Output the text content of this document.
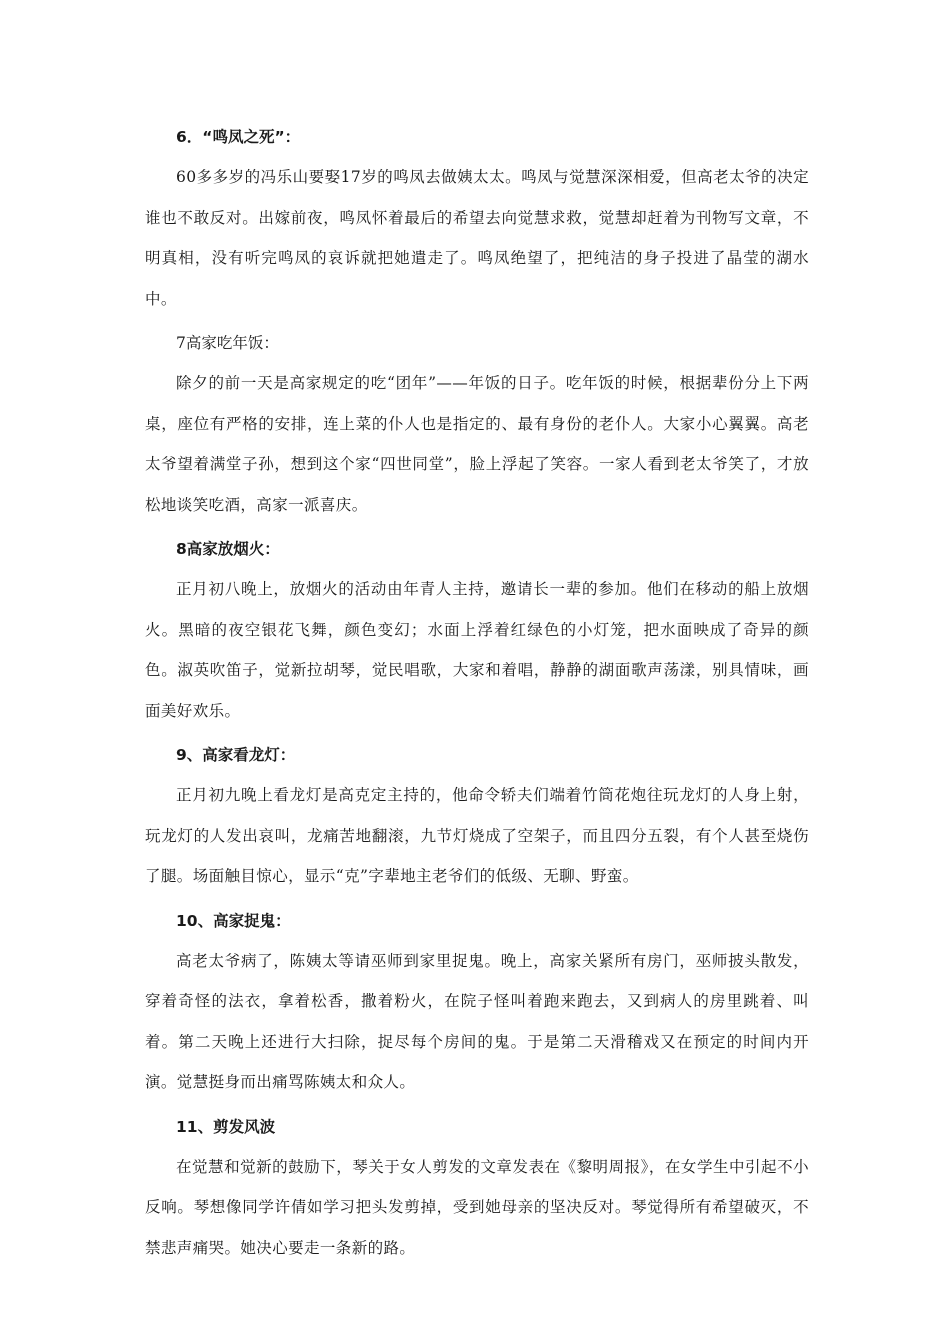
6．“鸣凤之死”：

60多多岁的冯乐山要娶17岁的鸣凤去做姨太太。鸣凤与觉慧深深相爱，但高老太爷的决定谁也不敢反对。出嫁前夜，鸣凤怀着最后的希望去向觉慧求救，觉慧却赶着为刊物写文章，不明真相，没有听完鸣凤的哀诉就把她遣走了。鸣凤绝望了，把纯洁的身子投进了晶莹的湖水中。

7高家吃年饭：

除夕的前一天是高家规定的吃“团年”——年饭的日子。吃年饭的时候，根据辈份分上下两桌，座位有严格的安排，连上菜的仆人也是指定的、最有身份的老仆人。大家小心翼翼。高老太爷望着满堂子孙，想到这个家“四世同堂”，脸上浮起了笑容。一家人看到老太爷笑了，才放松地谈笑吃酒，高家一派喜庆。

8高家放烟火：

正月初八晚上，放烟火的活动由年青人主持，邀请长一辈的参加。他们在移动的船上放烟火。黑暗的夜空银花飞舞，颜色变幻；水面上浮着红绿色的小灯笼，把水面映成了奇异的颜色。淑英吹笛子，觉新拉胡琴，觉民唱歌，大家和着唱，静静的湖面歌声荡漾，别具情味，画面美好欢乐。

9、高家看龙灯：

正月初九晚上看龙灯是高克定主持的，他命令轿夫们端着竹筒花炮往玩龙灯的人身上射，玩龙灯的人发出哀叫，龙痛苦地翻滚，九节灯烧成了空架子，而且四分五裂，有个人甚至烧伤了腿。场面触目惊心，显示“克”字辈地主老爷们的低级、无聊、野蛮。

10、高家捉鬼：

高老太爷病了，陈姨太等请巫师到家里捉鬼。晚上，高家关紧所有房门，巫师披头散发，穿着奇怪的法衣，拿着松香，撒着粉火，在院子怪叫着跑来跑去，又到病人的房里跳着、叫着。第二天晚上还进行大扫除，捉尽每个房间的鬼。于是第二天滑稽戏又在预定的时间内开演。觉慧挺身而出痛骂陈姨太和众人。

11、剪发风波

在觉慧和觉新的鼓励下，琴关于女人剪发的文章发表在《黎明周报》，在女学生中引起不小反响。琴想像同学许倩如学习把头发剪掉，受到她母亲的坚决反对。琴觉得所有希望破灭，不禁悲声痛哭。她决心要走一条新的路。
